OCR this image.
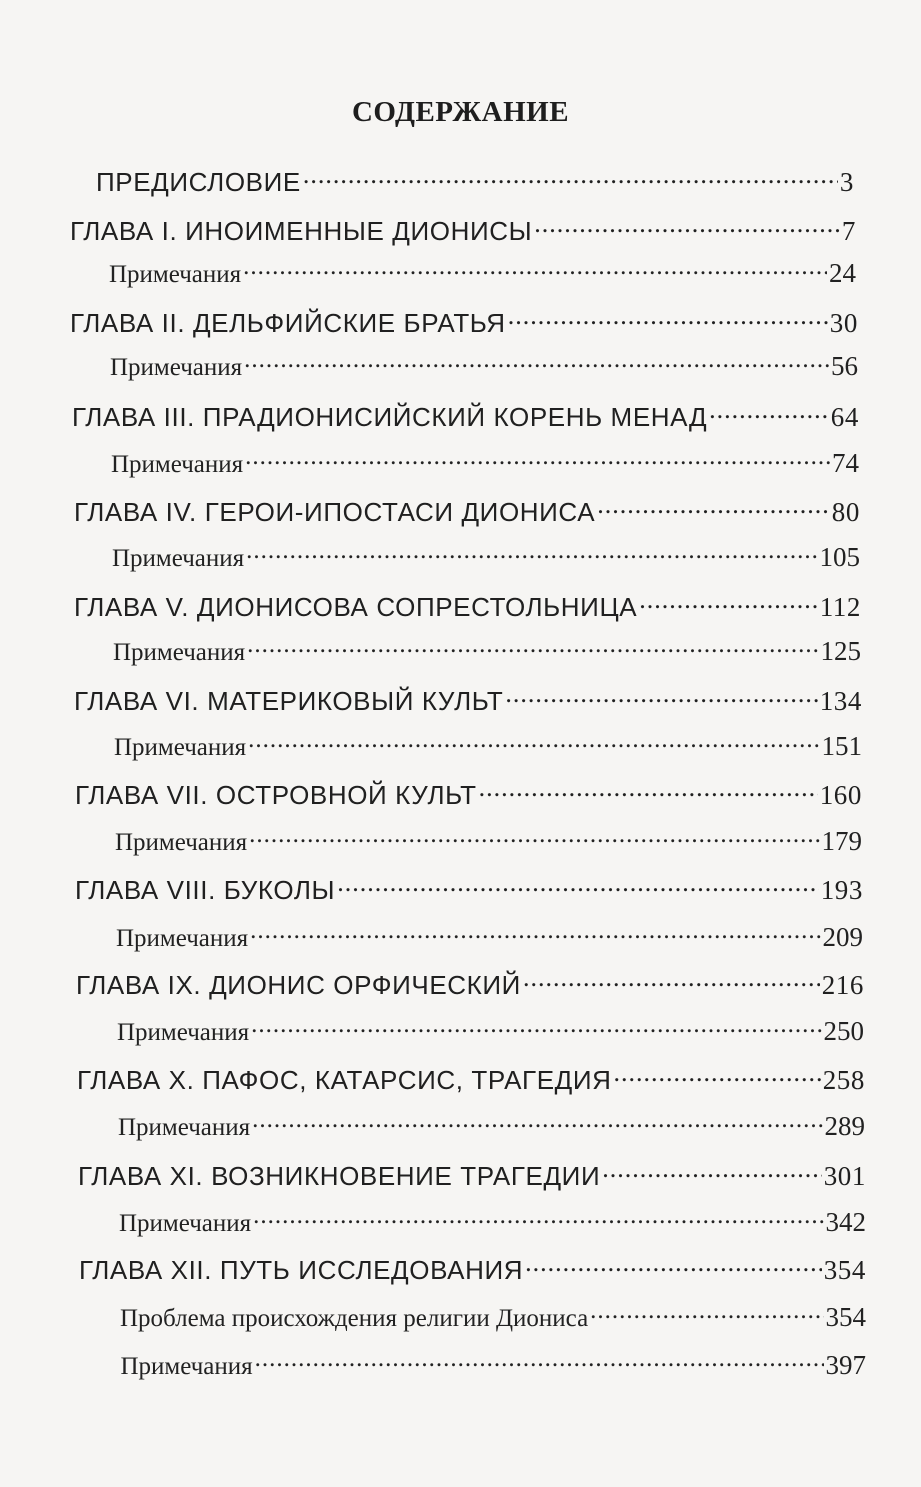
СОДЕРЖАНИЕ
ПРЕДИСЛОВИЕ .....	3
ГЛАВА I. ИНОИМЕННЫЕ ДИОНИСЫ .....	7
Примечания .....	24
ГЛАВА II. ДЕЛЬФИЙСКИЕ БРАТЬЯ .....	30
Примечания .....	56
ГЛАВА III. ПРАДИОНИСИЙСКИЙ КОРЕНЬ МЕНАД .....	64
Примечания .....	74
ГЛАВА IV. ГЕРОИ-ИПОСТАСИ ДИОНИСА .....	80
Примечания .....	105
ГЛАВА V. ДИОНИСОВА СОПРЕСТОЛЬНИЦА .....	112
Примечания .....	125
ГЛАВА VI. МАТЕРИКОВЫЙ КУЛЬТ .....	134
Примечания .....	151
ГЛАВА VII. ОСТРОВНОЙ КУЛЬТ .....	160
Примечания .....	179
ГЛАВА VIII. БУКОЛЫ .....	193
Примечания .....	209
ГЛАВА IX. ДИОНИС ОРФИЧЕСКИЙ .....	216
Примечания .....	250
ГЛАВА X. ПАФОС, КАТАРСИС, ТРАГЕДИЯ .....	258
Примечания .....	289
ГЛАВА XI. ВОЗНИКНОВЕНИЕ ТРАГЕДИИ .....	301
Примечания .....	342
ГЛАВА XII. ПУТЬ ИССЛЕДОВАНИЯ .....	354
Проблема происхождения религии Диониса .....	354
Примечания .....	397
